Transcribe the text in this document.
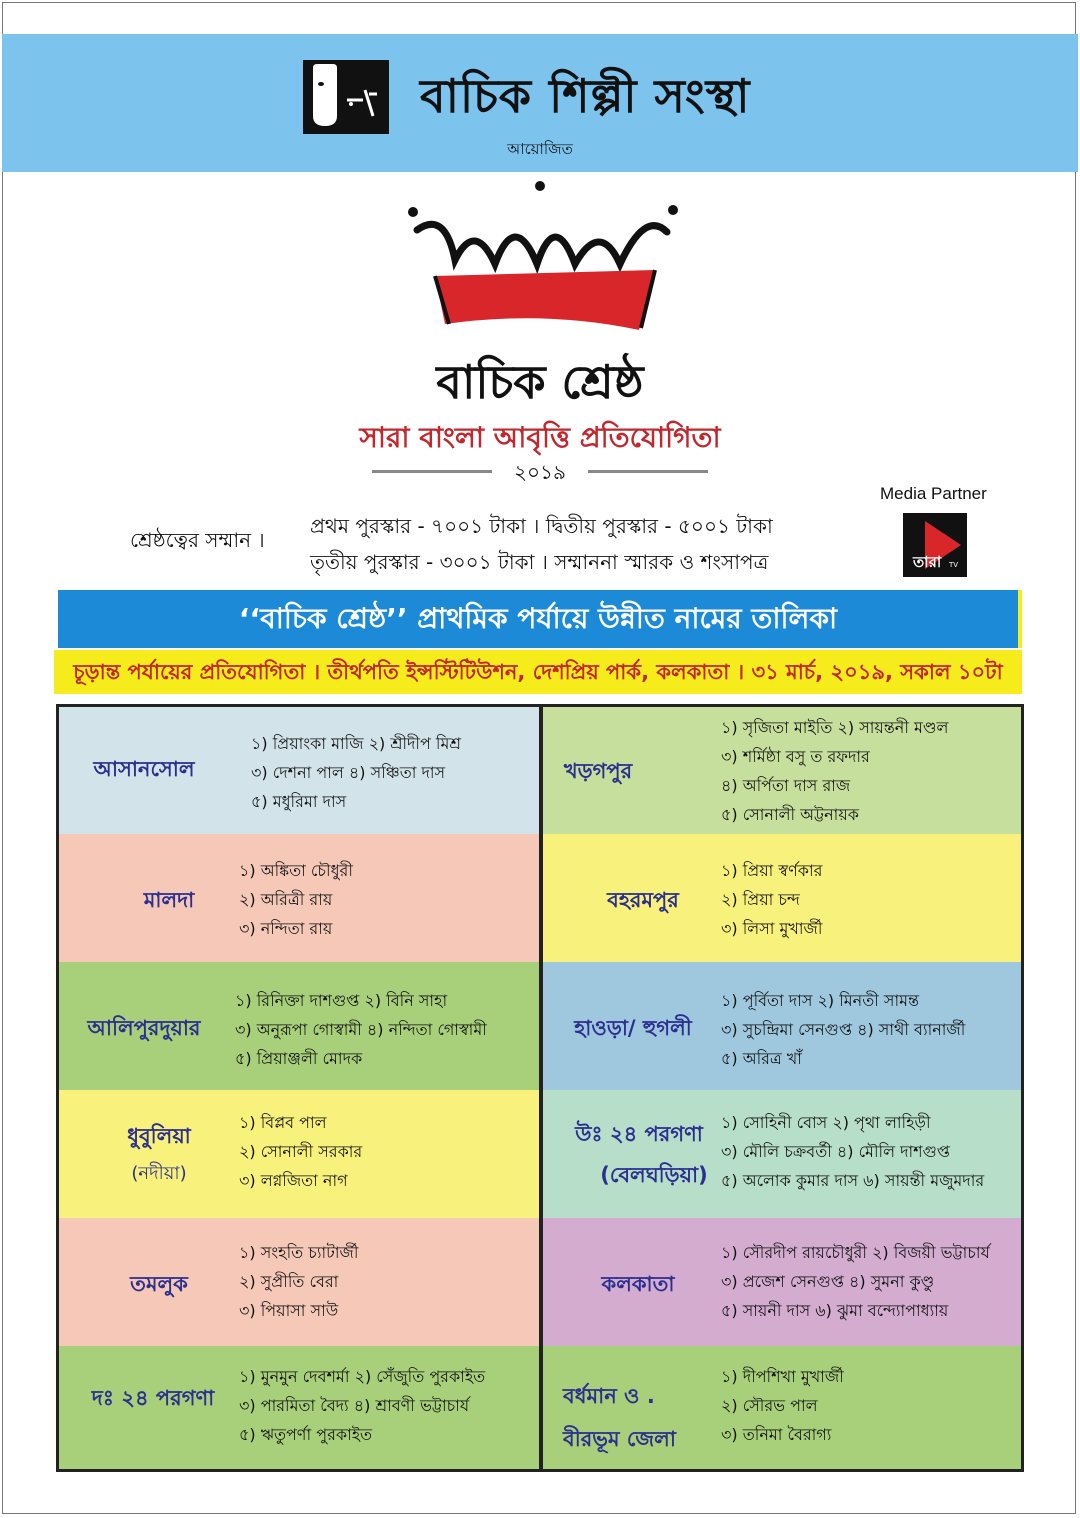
বাচিক শিল্পী সংস্থা
আয়োজিত
বাচিক শ্রেষ্ঠ
সারা বাংলা আবৃত্তি প্রতিযোগিতা
২০১৯
শ্রেষ্ঠত্বের সম্মান ।
প্রথম পুরস্কার - ৭০০১ টাকা । দ্বিতীয় পুরস্কার - ৫০০১ টাকা
তৃতীয় পুরস্কার - ৩০০১ টাকা । সম্মাননা স্মারক ও শংসাপত্র
Media Partner
তারা TV
‘‘বাচিক শ্রেষ্ঠ’’ প্রাথমিক পর্যায়ে উন্নীত নামের তালিকা
চূড়ান্ত পর্যায়ের প্রতিযোগিতা । তীর্থপতি ইন্সস্টিটিউশন, দেশপ্রিয় পার্ক, কলকাতা । ৩১ মার্চ, ২০১৯, সকাল ১০টা
আসানসোল
১) প্রিয়াংকা মাজি ২) শ্রীদীপ মিশ্র
৩) দেশনা পাল ৪) সঞ্চিতা দাস
৫) মধুরিমা দাস
খড়গপুর
১) সৃজিতা মাইতি ২) সায়ন্তনী মণ্ডল
৩) শর্মিষ্ঠা বসু ত রফদার
৪) অর্পিতা দাস রাজ
৫) সোনালী অট্টনায়ক
মালদা
১) অঙ্কিতা চৌধুরী
২) অরিত্রী রায়
৩) নন্দিতা রায়
বহরমপুর
১) প্রিয়া স্বর্ণকার
২) প্রিয়া চন্দ
৩) লিসা মুখার্জী
আলিপুরদুয়ার
১) রিনিক্তা দাশগুপ্ত ২) বিনি সাহা
৩) অনুরূপা গোস্বামী ৪) নন্দিতা গোস্বামী
৫) প্রিয়াঞ্জলী মোদক
হাওড়া/ হুগলী
১) পূর্বিতা দাস ২) মিনতী সামন্ত
৩) সুচন্দ্রিমা সেনগুপ্ত ৪) সাথী ব্যানার্জী
৫) অরিত্র খাঁ
ধুবুলিয়া
(নদীয়া)
১) বিপ্লব পাল
২) সোনালী সরকার
৩) লগ্নজিতা নাগ
উঃ ২৪ পরগণা
(বেলঘড়িয়া)
১) সোহিনী বোস ২) পৃথা লাহিড়ী
৩) মৌলি চক্রবর্তী ৪) মৌলি দাশগুপ্ত
৫) অলোক কুমার দাস ৬) সায়ন্তী মজুমদার
তমলুক
১) সংহতি চ্যাটার্জী
২) সুপ্রীতি বেরা
৩) পিয়াসা সাউ
কলকাতা
১) সৌরদীপ রায়চৌধুরী ২) বিজয়ী ভট্টাচার্য
৩) প্রজেশ সেনগুপ্ত ৪) সুমনা কুণ্ডু
৫) সায়নী দাস ৬) ঝুমা বন্দ্যোপাধ্যায়
দঃ ২৪ পরগণা
১) মুনমুন দেবশর্মা ২) সেঁজুতি পুরকাইত
৩) পারমিতা বৈদ্য ৪) শ্রাবণী ভট্টাচার্য
৫) ঋতুপর্ণা পুরকাইত
বর্ধমান ও .
বীরভূম জেলা
১) দীপশিখা মুখার্জী
২) সৌরভ পাল
৩) তনিমা বৈরাগ্য
